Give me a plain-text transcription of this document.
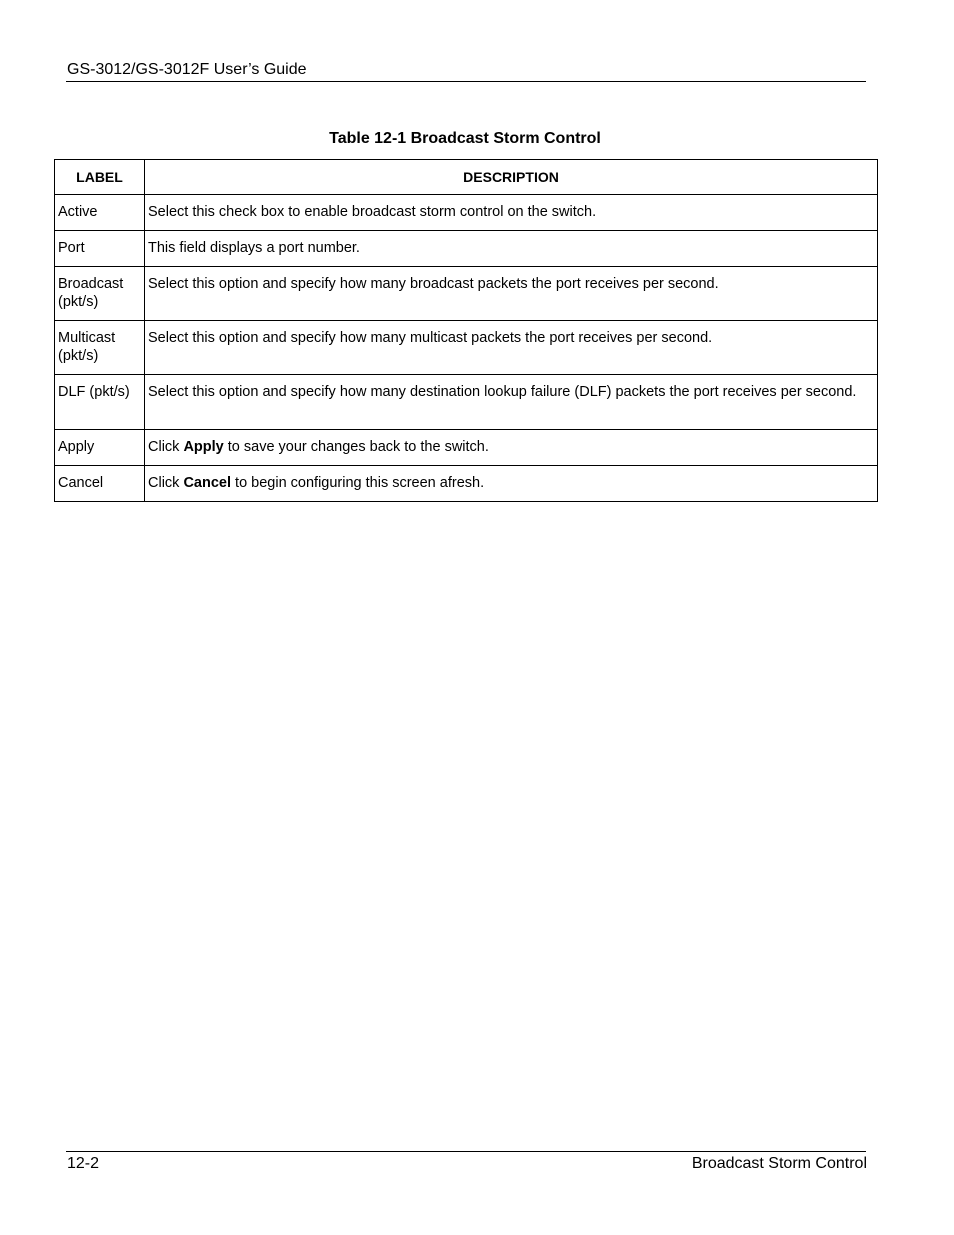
GS-3012/GS-3012F User’s Guide
Table 12-1 Broadcast Storm Control
LABEL	DESCRIPTION
Active	Select this check box to enable broadcast storm control on the switch.
Port	This field displays a port number.
Broadcast (pkt/s)	Select this option and specify how many broadcast packets the port receives per second.
Multicast (pkt/s)	Select this option and specify how many multicast packets the port receives per second.
DLF (pkt/s)	Select this option and specify how many destination lookup failure (DLF) packets the port receives per second.
Apply	Click Apply to save your changes back to the switch.
Cancel	Click Cancel to begin configuring this screen afresh.
12-2	Broadcast Storm Control
